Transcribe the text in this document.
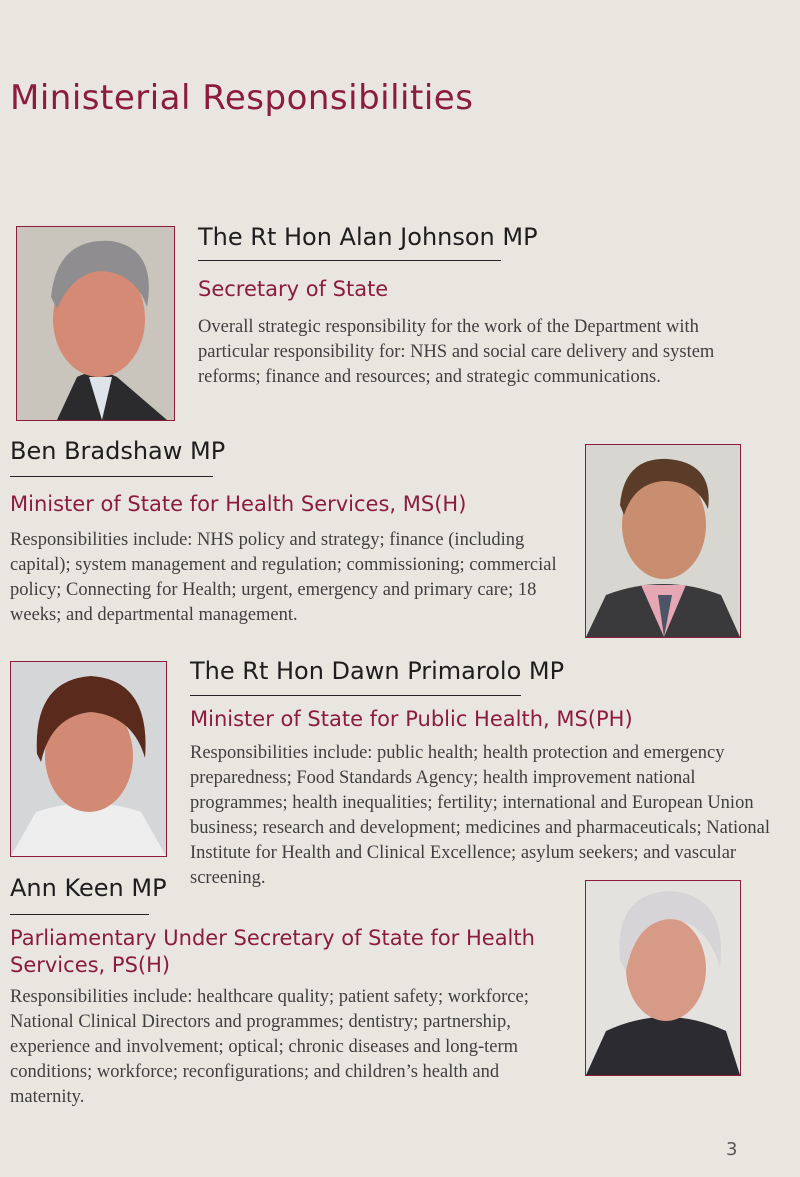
Ministerial Responsibilities
The Rt Hon Alan Johnson MP
Secretary of State

Overall strategic responsibility for the work of the Department with particular responsibility for: NHS and social care delivery and system reforms; finance and resources; and strategic communications.

Ben Bradshaw MP
Minister of State for Health Services, MS(H)

Responsibilities include: NHS policy and strategy; finance (including capital); system management and regulation; commissioning; commercial policy; Connecting for Health; urgent, emergency and primary care; 18 weeks; and departmental management.

The Rt Hon Dawn Primarolo MP
Minister of State for Public Health, MS(PH)

Responsibilities include: public health; health protection and emergency preparedness; Food Standards Agency; health improvement national programmes; health inequalities; fertility; international and European Union business; research and development; medicines and pharmaceuticals; National Institute for Health and Clinical Excellence; asylum seekers; and vascular screening.

Ann Keen MP
Parliamentary Under Secretary of State for Health Services, PS(H)

Responsibilities include: healthcare quality; patient safety; workforce; National Clinical Directors and programmes; dentistry; partnership, experience and involvement; optical; chronic diseases and long-term conditions; workforce; reconfigurations; and children’s health and maternity.

3
